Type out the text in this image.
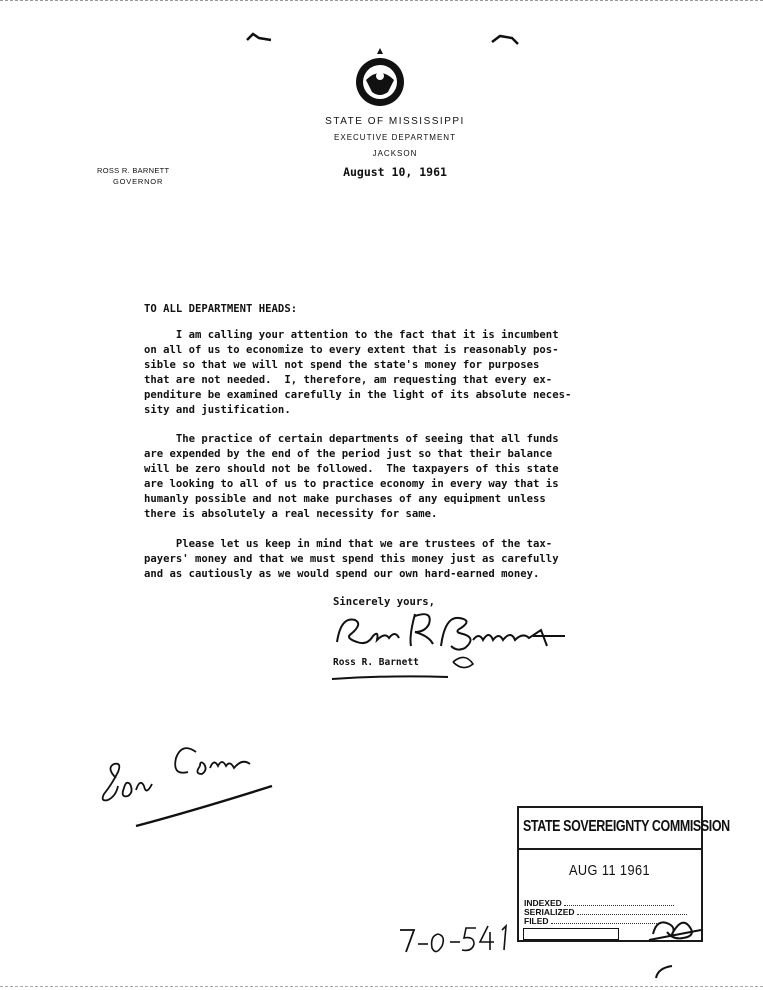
STATE OF MISSISSIPPI
EXECUTIVE DEPARTMENT
JACKSON
August 10, 1961
ROSS R. BARNETT
GOVERNOR
TO ALL DEPARTMENT HEADS:
I am calling your attention to the fact that it is incumbent
on all of us to economize to every extent that is reasonably pos-
sible so that we will not spend the state's money for purposes
that are not needed.  I, therefore, am requesting that every ex-
penditure be examined carefully in the light of its absolute neces-
sity and justification.
The practice of certain departments of seeing that all funds
are expended by the end of the period just so that their balance
will be zero should not be followed.  The taxpayers of this state
are looking to all of us to practice economy in every way that is
humanly possible and not make purchases of any equipment unless
there is absolutely a real necessity for same.
Please let us keep in mind that we are trustees of the tax-
payers' money and that we must spend this money just as carefully
and as cautiously as we would spend our own hard-earned money.
Sincerely yours,
Ross R. Barnett
STATE SOVEREIGNTY COMMISSION
AUG 11 1961
INDEXED
SERIALIZED
FILED
